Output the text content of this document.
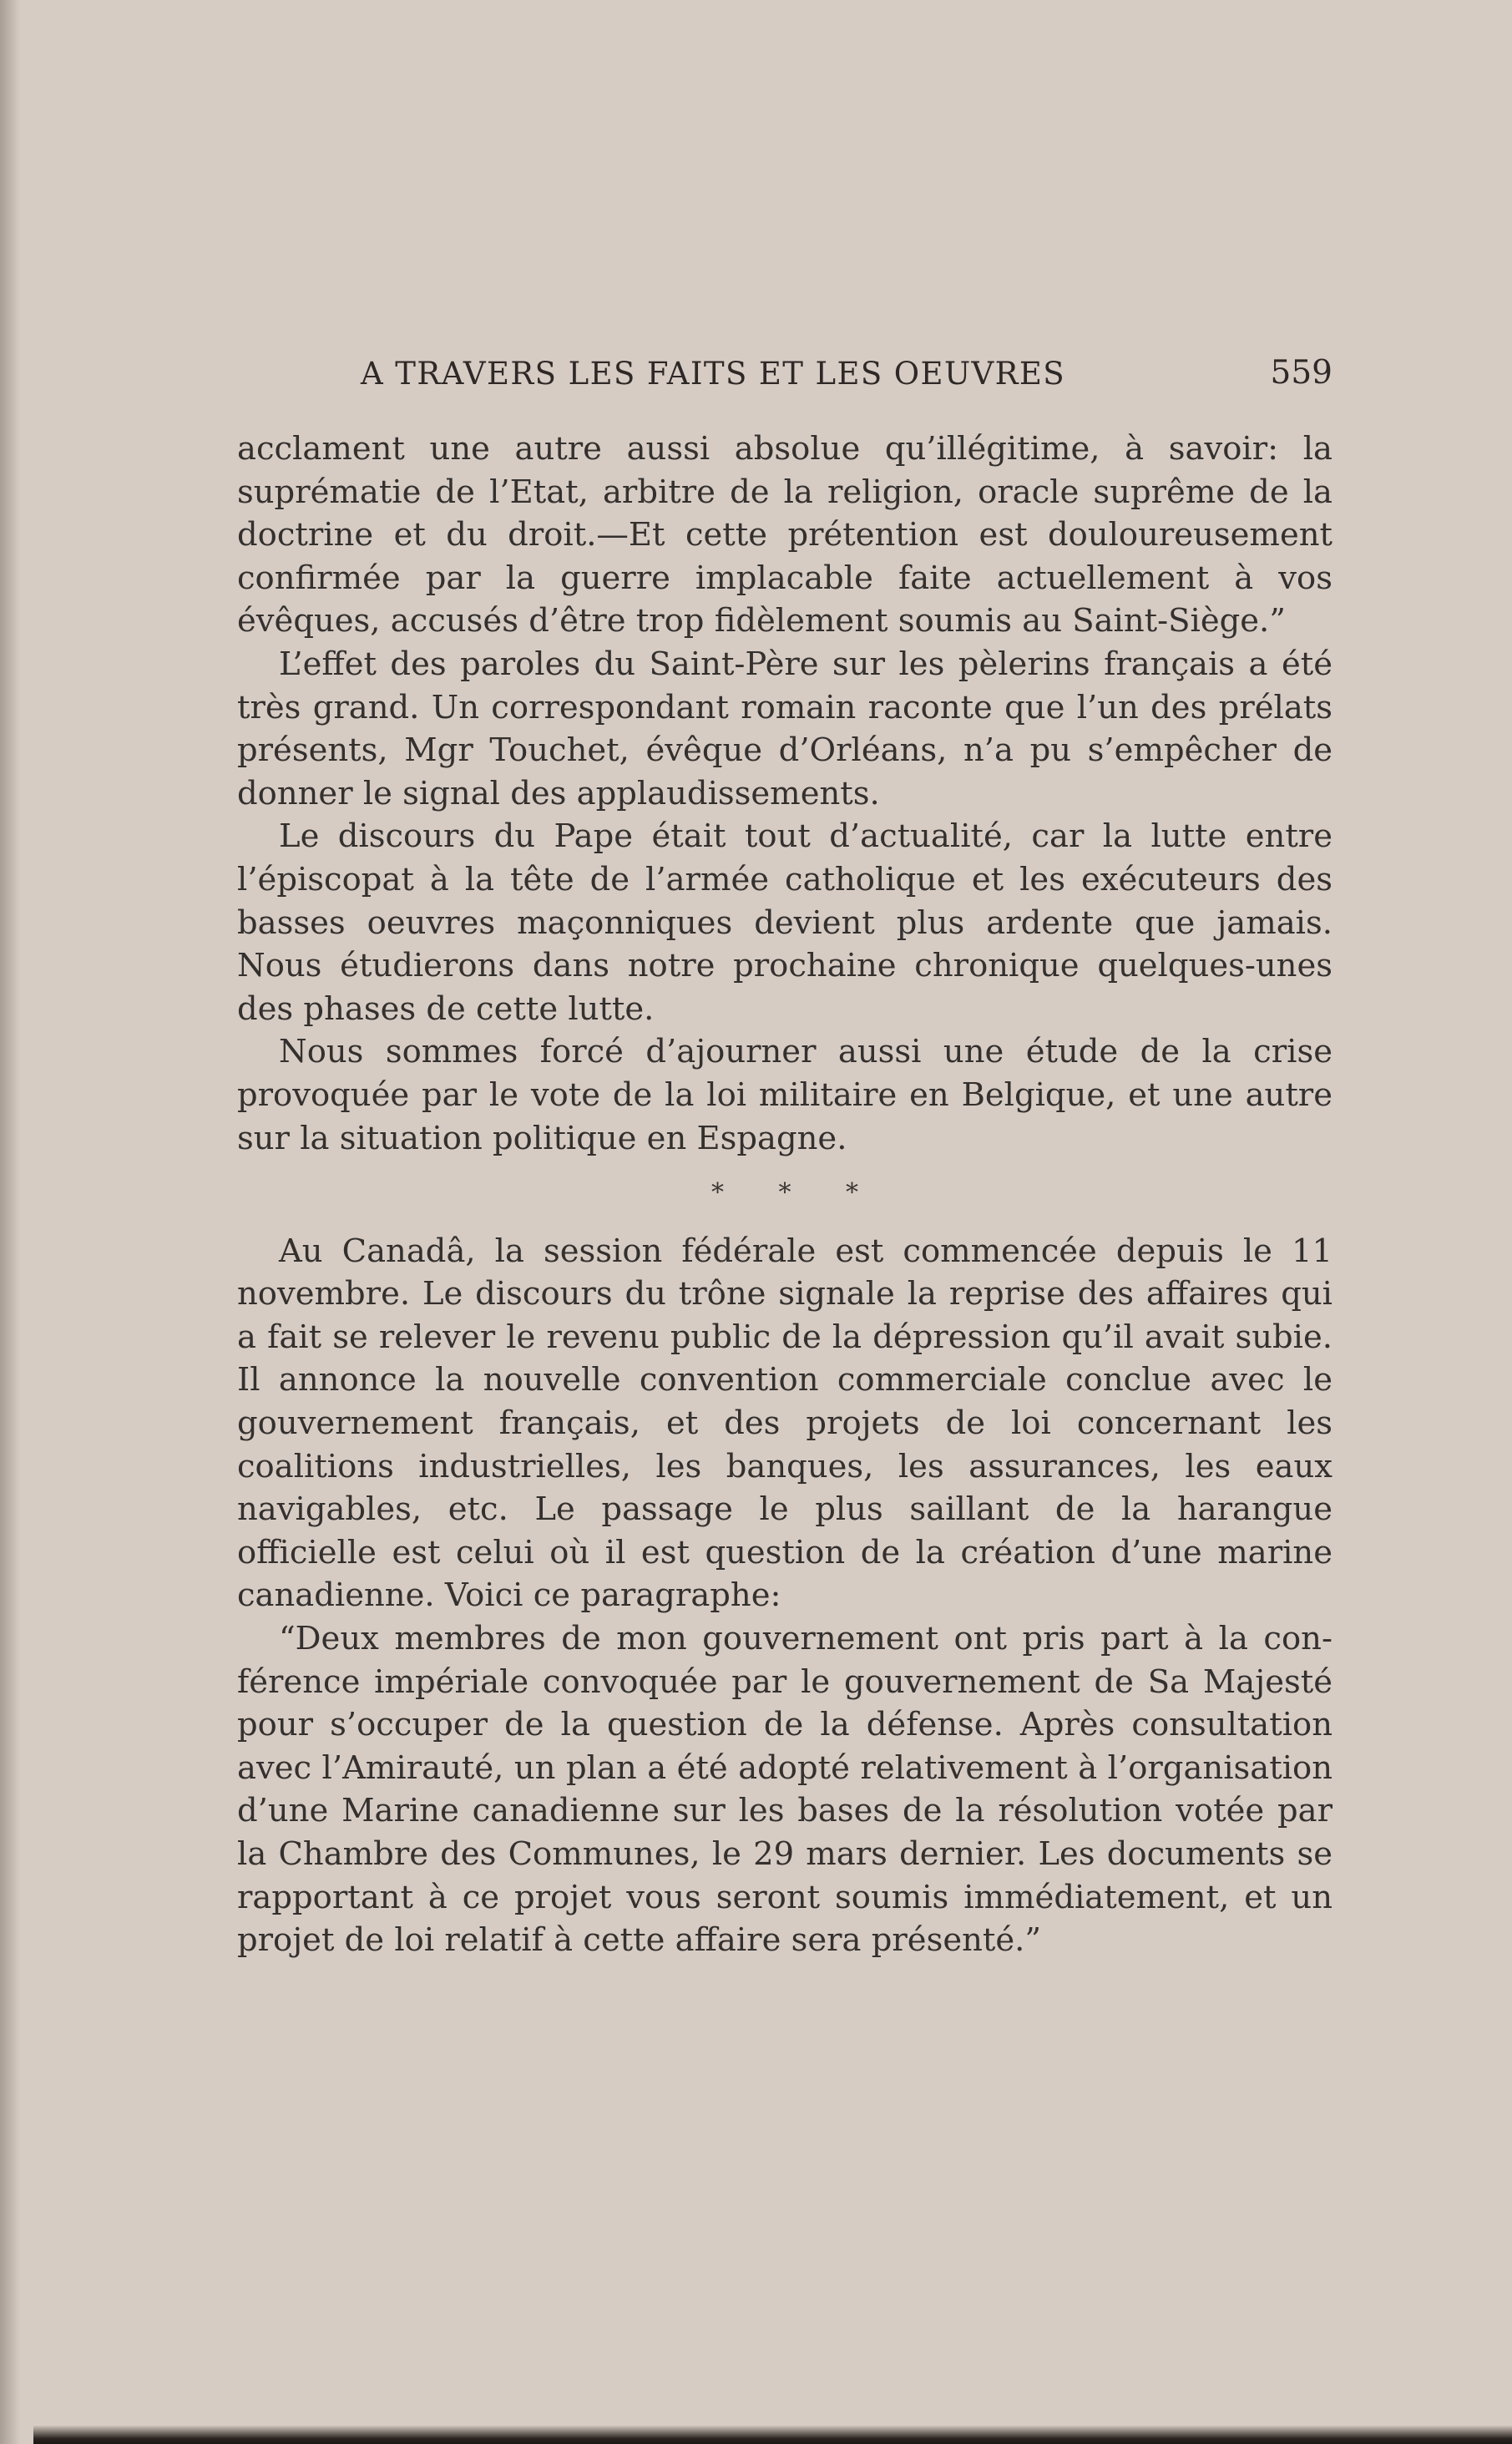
A TRAVERS LES FAITS ET LES OEUVRES	559

acclament une autre aussi absolue qu’illégitime, à savoir: la suprématie de l’Etat, arbitre de la religion, oracle suprême de la doctrine et du droit.—Et cette prétention est douloureusement confirmée par la guerre implacable faite actuellement à vos évêques, accusés d’être trop fidèlement soumis au Saint-Siège.”

L’effet des paroles du Saint-Père sur les pèlerins français a été très grand. Un correspondant romain raconte que l’un des prélats présents, Mgr Touchet, évêque d’Orléans, n’a pu s’empêcher de donner le signal des applaudissements.

Le discours du Pape était tout d’actualité, car la lutte entre l’épiscopat à la tête de l’armée catholique et les exécuteurs des basses oeuvres maçonniques devient plus ardente que jamais. Nous étudierons dans notre prochaine chronique quelques-unes des phases de cette lutte.

Nous sommes forcé d’ajourner aussi une étude de la crise provoquée par le vote de la loi militaire en Belgique, et une autre sur la situation politique en Espagne.

* * *

Au Canadâ, la session fédérale est commencée depuis le 11 novembre. Le discours du trône signale la reprise des affaires qui a fait se relever le revenu public de la dépression qu’il avait subie. Il annonce la nouvelle convention commerciale conclue avec le gouvernement français, et des projets de loi concernant les coalitions industrielles, les banques, les assurances, les eaux navigables, etc. Le passage le plus saillant de la harangue officielle est celui où il est question de la création d’une marine canadienne. Voici ce paragraphe:

“Deux membres de mon gouvernement ont pris part à la conférence impériale convoquée par le gouvernement de Sa Majesté pour s’occuper de la question de la défense. Après consultation avec l’Amirauté, un plan a été adopté relativement à l’organisation d’une Marine canadienne sur les bases de la résolution votée par la Chambre des Communes, le 29 mars dernier. Les documents se rapportant à ce projet vous seront soumis immédiatement, et un projet de loi relatif à cette affaire sera présenté.”
